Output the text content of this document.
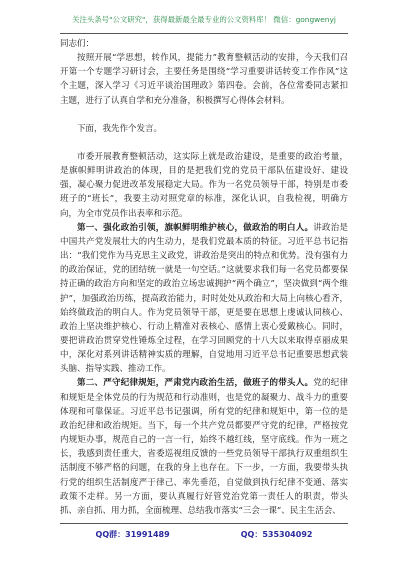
关注头条号"公文研究"，获得最新最全最专业的公文资料库！ 微信：gongwenyj

同志们：

按照开展“学思想，转作风，提能力”教育整顿活动的安排，今天我们召开第一个专题学习研讨会，主要任务是围绕“学习重要讲话转变工作作风”这个主题，深入学习《习近平谈治国理政》第四卷。会前，各位常委同志紧扣主题，进行了认真自学和充分准备，积极撰写心得体会材料。

下面，我先作个发言。

市委开展教育整顿活动，这实际上就是政治建设，是重要的政治考量，是旗帜鲜明讲政治的体现，目的是把我们党的党员干部队伍建设好、建设强，凝心聚力促进改革发展稳定大局。作为一名党员领导干部，特别是市委班子的“班长”，我要主动对照党章的标准，深化认识，自我检视，明确方向，为全市党员作出表率和示范。

第一、强化政治引领，旗帜鲜明维护核心，做政治的明白人。讲政治是中国共产党发展壮大的内生动力，是我们党最本质的特征。习近平总书记指出：“我们党作为马克思主义政党，讲政治是突出的特点和优势。没有强有力的政治保证，党的团结统一就是一句空话。”这就要求我们每一名党员都要保持正确的政治方向和坚定的政治立场忠诚拥护“两个确立”，坚决做到“两个维护”，加强政治历练，提高政治能力，时时处处从政治和大局上向核心看齐，始终做政治的明白人。作为党员领导干部，更是要在思想上虔诚认同核心、政治上坚决维护核心、行动上精准对表核心、感情上衷心爱戴核心。同时，要把讲政治贯穿党性锤炼全过程，在学习回顾党的十八大以来取得卓丽成果中，深化对系列讲话精神实质的理解，自觉地用习近平总书记重要思想武装头脑、指导实践、推动工作。

第二、严守纪律规矩，严肃党内政治生活，做班子的带头人。党的纪律和规矩是全体党员的行为规范和行动准则，也是党的凝聚力、战斗力的重要体现和可靠保证。习近平总书记强调，所有党的纪律和规矩中，第一位的是政治纪律和政治规矩。当下，每一个共产党员都要严守党的纪律，严格按党内规矩办事，规范自己的一言一行，始终不越红线，坚守底线。作为一班之长，我感到责任重大，省委巡视组反馈的一些党员领导干部执行双重组织生活制度不够严格的问题，在我的身上也存在。下一步，一方面，我要带头执行党的组织生活制度严于律己、率先垂范，自觉做到执行纪律不变通、落实政策不走样。另一方面，要认真履行好管党治党第一责任人的职责，带头抓、亲自抓、用力抓，全面梳理、总结我市落实“三会一课”、民主生活会、

QQ群：31991489	QQ：535304092
